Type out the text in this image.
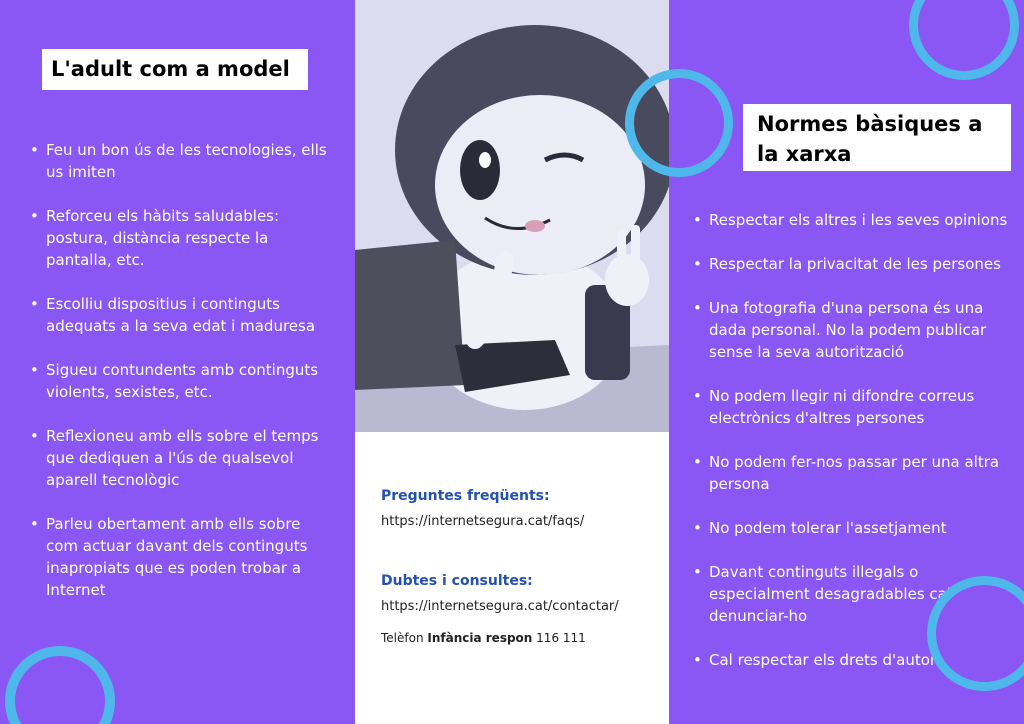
L'adult com a model
• Feu un bon ús de les tecnologies, ells us imiten
• Reforceu els hàbits saludables: postura, distància respecte la pantalla, etc.
• Escolliu dispositius i continguts adequats a la seva edat i maduresa
• Sigueu contundents amb continguts violents, sexistes, etc.
• Reflexioneu amb ells sobre el temps que dediquen a l'ús de qualsevol aparell tecnològic
• Parleu obertament amb ells sobre com actuar davant dels continguts inapropiats que es poden trobar a Internet
Preguntes freqüents:
https://internetsegura.cat/faqs/
Dubtes i consultes:
https://internetsegura.cat/contactar/
Telèfon Infància respon 116 111
Normes bàsiques a la xarxa
• Respectar els altres i les seves opinions
• Respectar la privacitat de les persones
• Una fotografia d'una persona és una dada personal. No la podem publicar sense la seva autorització
• No podem llegir ni difondre correus electrònics d'altres persones
• No podem fer-nos passar per una altra persona
• No podem tolerar l'assetjament
• Davant continguts illegals o especialment desagradables cal denunciar-ho
• Cal respectar els drets d'autor
